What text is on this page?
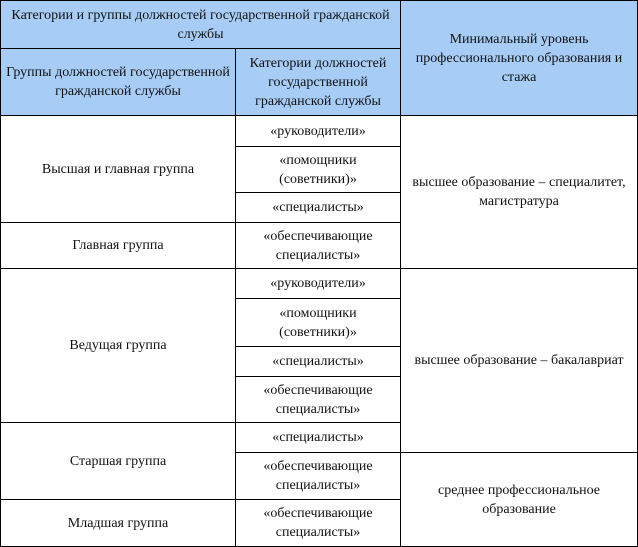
Категории и группы должностей государственной гражданской службы		Минимальный уровень профессионального образования и стажа
Группы должностей государственной гражданской службы	Категории должностей государственной гражданской службы	
Высшая и главная группа	«руководители»	высшее образование – специалитет, магистратура
	«помощники (советники)»	
	«специалисты»	
Главная группа	«обеспечивающие специалисты»	
Ведущая группа	«руководители»	высшее образование – бакалавриат
	«помощники (советники)»	
	«специалисты»	
	«обеспечивающие специалисты»	
Старшая группа	«специалисты»	
	«обеспечивающие специалисты»	среднее профессиональное образование
Младшая группа	«обеспечивающие специалисты»	
